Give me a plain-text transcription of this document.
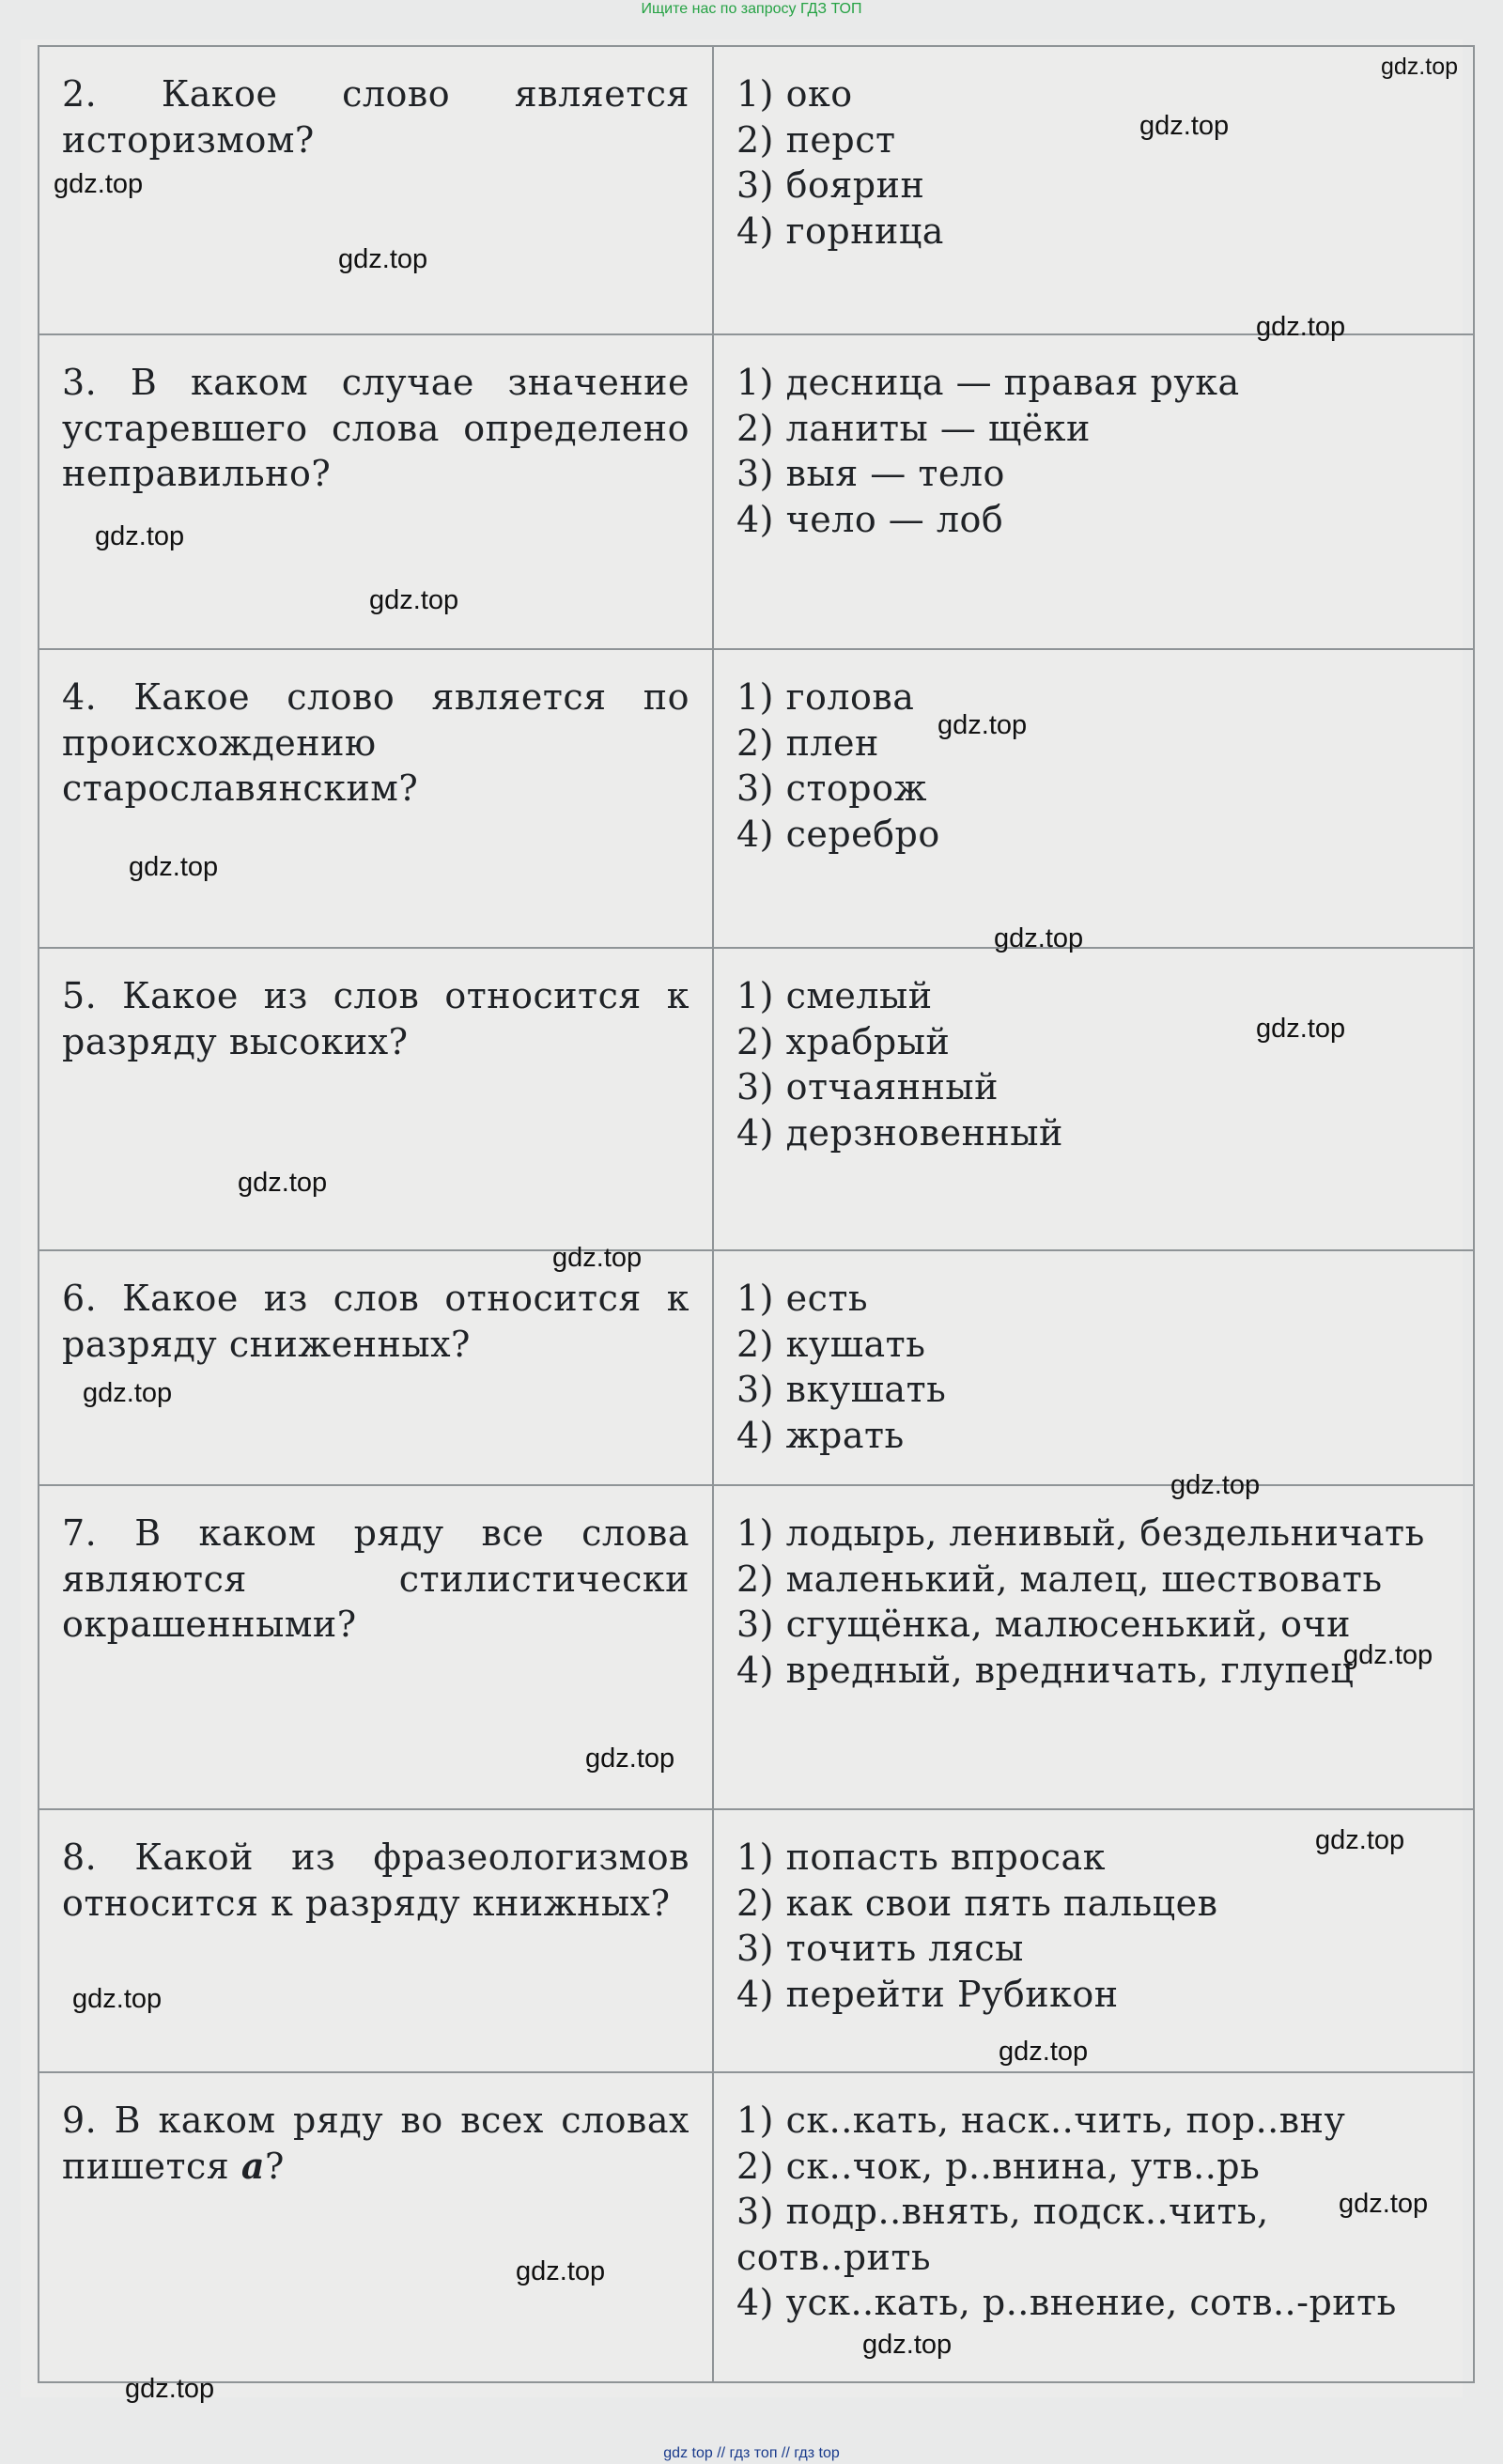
Ищите нас по запросу ГДЗ ТОП
2. Какое слово является историзмом?	1) око
2) перст
3) боярин
4) горница

3. В каком случае значение устаревшего слова определено неправильно?	1) десница — правая рука
2) ланиты — щёки
3) выя — тело
4) чело — лоб

4. Какое слово является по происхождению старославянским?	1) голова
2) плен
3) сторож
4) серебро

5. Какое из слов относится к разряду высоких?	1) смелый
2) храбрый
3) отчаянный
4) дерзновенный

6. Какое из слов относится к разряду сниженных?	1) есть
2) кушать
3) вкушать
4) жрать

7. В каком ряду все слова являются стилистически окрашенными?	1) лодырь, ленивый, бездельничать
2) маленький, малец, шествовать
3) сгущёнка, малюсенький, очи
4) вредный, вредничать, глупец

8. Какой из фразеологизмов относится к разряду книжных?	1) попасть впросак
2) как свои пять пальцев
3) точить лясы
4) перейти Рубикон

9. В каком ряду во всех словах пишется а?	1) ск..кать, наск..чить, пор..вну
2) ск..чок, р..внина, утв..рь
3) подр..внять, подск..чить, сотв..рить
4) уск..кать, р..внение, сотв..-рить
gdz.top
gdz.top
gdz.top
gdz.top
gdz.top
gdz.top
gdz.top
gdz.top
gdz.top
gdz.top
gdz.top
gdz.top
gdz.top
gdz.top
gdz.top
gdz.top
gdz.top
gdz.top
gdz.top
gdz.top
gdz.top
gdz.top
gdz.top
gdz.top
gdz top // гдз топ // гдз top
